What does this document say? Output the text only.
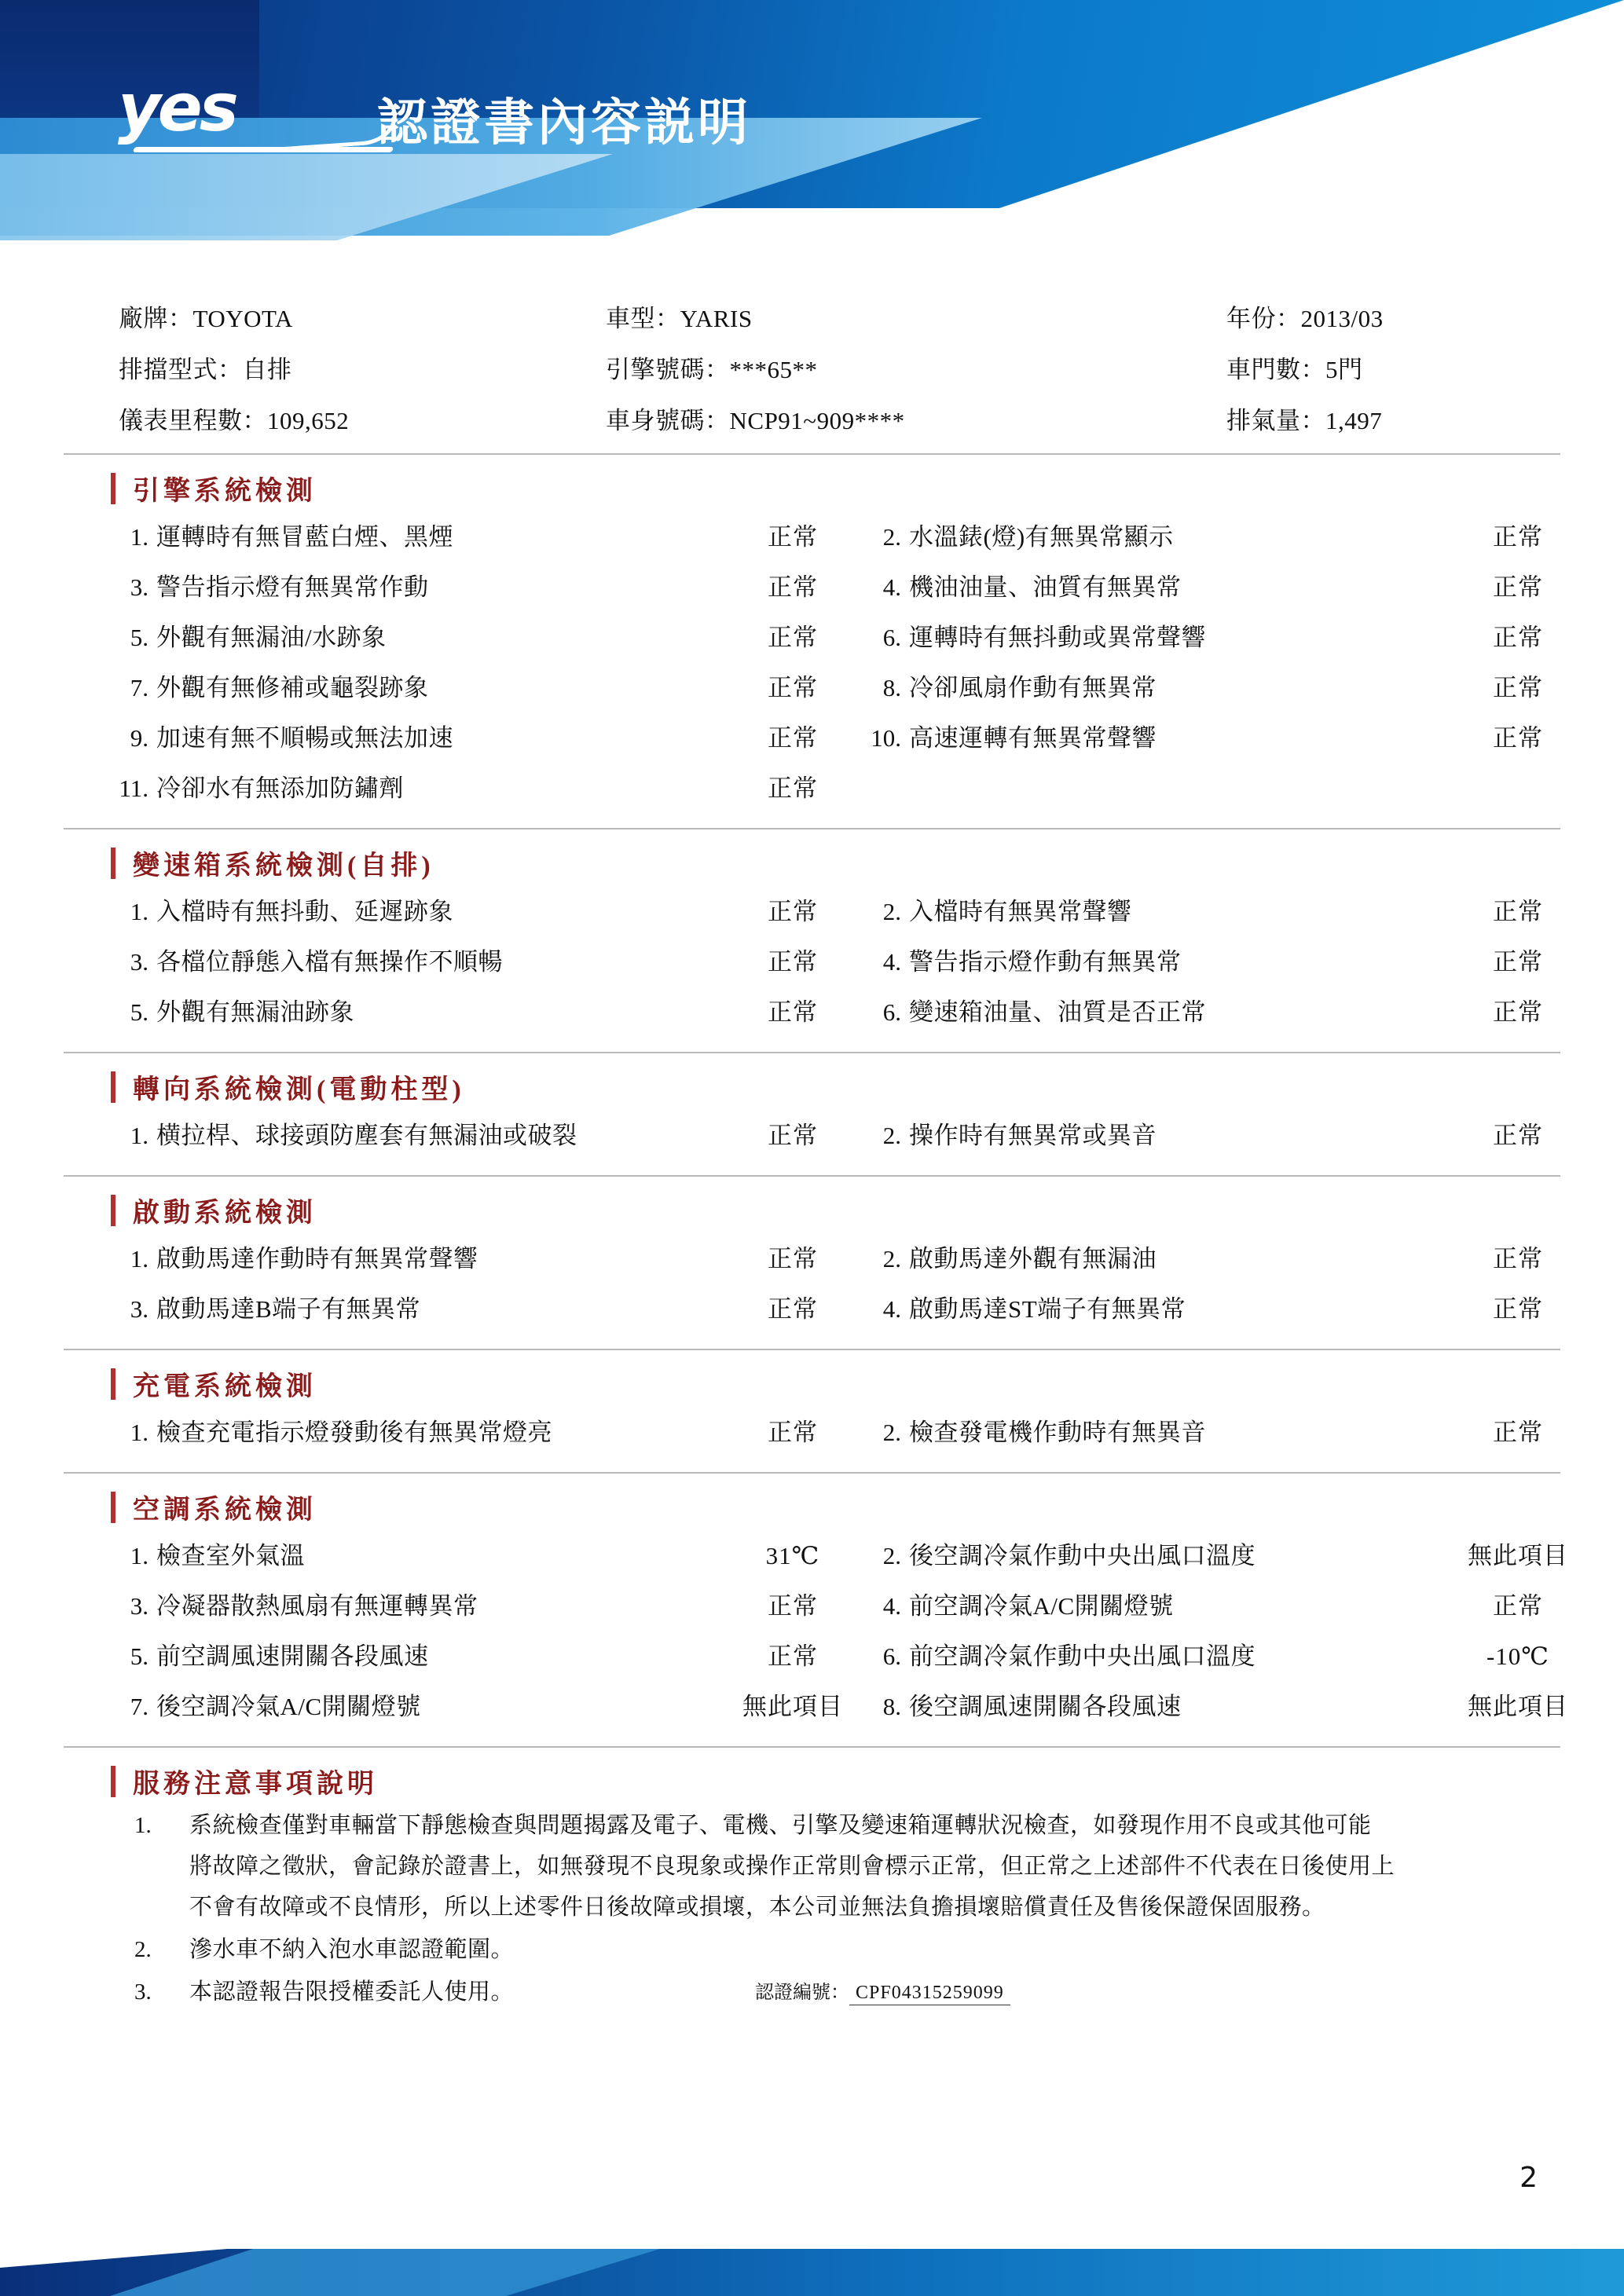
yes	認證書內容説明
廠牌：TOYOTA	車型：YARIS	年份：2013/03
排擋型式：自排	引擎號碼：***65**	車門數：5門
儀表里程數：109,652	車身號碼：NCP91~909****	排氣量：1,497
引擎系統檢測
1. 運轉時有無冒藍白煙、黑煙	正常	2. 水溫錶(燈)有無異常顯示	正常
3. 警告指示燈有無異常作動	正常	4. 機油油量、油質有無異常	正常
5. 外觀有無漏油/水跡象	正常	6. 運轉時有無抖動或異常聲響	正常
7. 外觀有無修補或龜裂跡象	正常	8. 冷卻風扇作動有無異常	正常
9. 加速有無不順暢或無法加速	正常	10. 高速運轉有無異常聲響	正常
11. 冷卻水有無添加防鏽劑	正常
變速箱系統檢測(自排)
1. 入檔時有無抖動、延遲跡象	正常	2. 入檔時有無異常聲響	正常
3. 各檔位靜態入檔有無操作不順暢	正常	4. 警告指示燈作動有無異常	正常
5. 外觀有無漏油跡象	正常	6. 變速箱油量、油質是否正常	正常
轉向系統檢測(電動柱型)
1. 横拉桿、球接頭防塵套有無漏油或破裂	正常	2. 操作時有無異常或異音	正常
啟動系統檢測
1. 啟動馬達作動時有無異常聲響	正常	2. 啟動馬達外觀有無漏油	正常
3. 啟動馬達B端子有無異常	正常	4. 啟動馬達ST端子有無異常	正常
充電系統檢測
1. 檢查充電指示燈發動後有無異常燈亮	正常	2. 檢查發電機作動時有無異音	正常
空調系統檢測
1. 檢查室外氣溫	31℃	2. 後空調冷氣作動中央出風口溫度	無此項目
3. 冷凝器散熱風扇有無運轉異常	正常	4. 前空調冷氣A/C開關燈號	正常
5. 前空調風速開關各段風速	正常	6. 前空調冷氣作動中央出風口溫度	-10℃
7. 後空調冷氣A/C開關燈號	無此項目	8. 後空調風速開關各段風速	無此項目
服務注意事項說明
1.	系統檢查僅對車輛當下靜態檢查與問題揭露及電子、電機、引擎及變速箱運轉狀況檢查，如發現作用不良或其他可能
將故障之徵狀，會記錄於證書上，如無發現不良現象或操作正常則會標示正常，但正常之上述部件不代表在日後使用上
不會有故障或不良情形，所以上述零件日後故障或損壞，本公司並無法負擔損壞賠償責任及售後保證保固服務。
2.	滲水車不納入泡水車認證範圍。
3.	本認證報告限授權委託人使用。	認證編號： CPF04315259099
2
